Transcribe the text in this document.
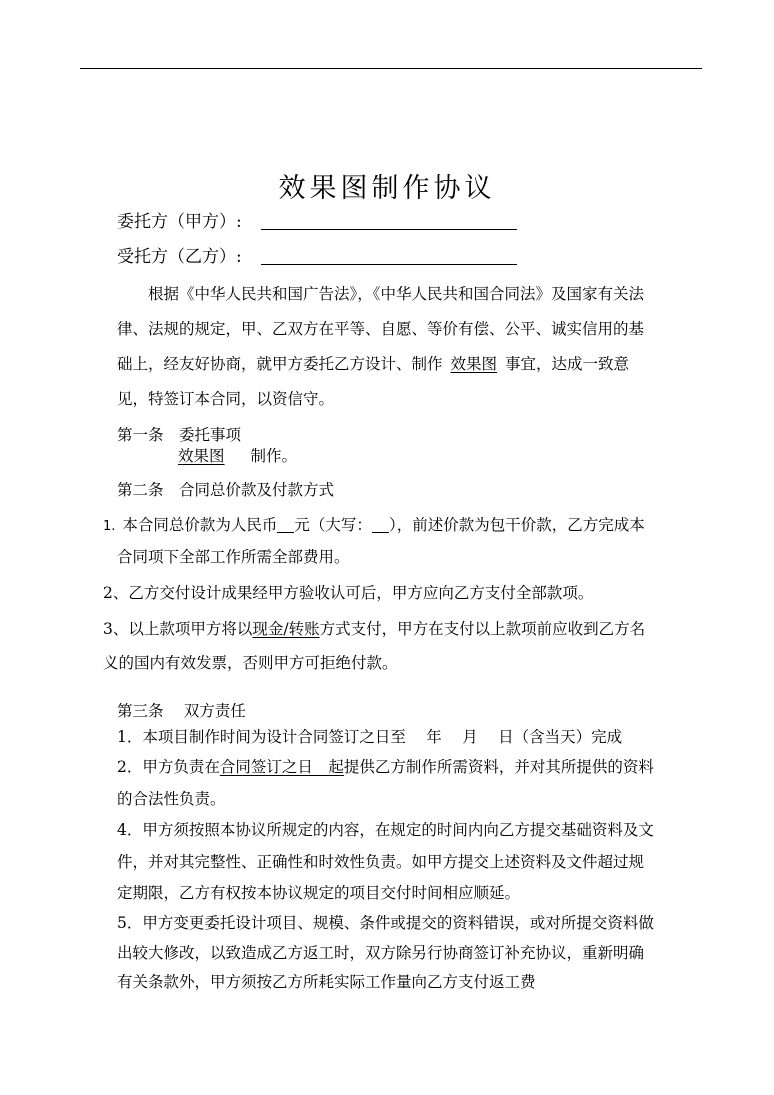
效果图制作协议
委托方（甲方）:
受托方（乙方）:
根据《中华人民共和国广告法》，《中华人民共和国合同法》及国家有关法
律、法规的规定，甲、乙双方在平等、自愿、等价有偿、公平、诚实信用的基
础上，经友好协商，就甲方委托乙方设计、制作 效果图 事宜，达成一致意
见，特签订本合同，以资信守。
第一条　委托事项
效果图 制作。
第二条　合同总价款及付款方式
1. 本合同总价款为人民币 元（大写： ），前述价款为包干价款，乙方完成本
合同项下全部工作所需全部费用。
2、乙方交付设计成果经甲方验收认可后，甲方应向乙方支付全部款项。
3、以上款项甲方将以现金/转账方式支付，甲方在支付以上款项前应收到乙方名
义的国内有效发票，否则甲方可拒绝付款。
第三条　 双方责任
1．本项目制作时间为设计合同签订之日至　 年　 月　 日（含当天）完成
2．甲方负责在合同签订之日　起提供乙方制作所需资料，并对其所提供的资料
的合法性负责。
4．甲方须按照本协议所规定的内容，在规定的时间内向乙方提交基础资料及文
件，并对其完整性、正确性和时效性负责。如甲方提交上述资料及文件超过规
定期限，乙方有权按本协议规定的项目交付时间相应顺延。
5．甲方变更委托设计项目、规模、条件或提交的资料错误，或对所提交资料做
出较大修改，以致造成乙方返工时，双方除另行协商签订补充协议，重新明确
有关条款外，甲方须按乙方所耗实际工作量向乙方支付返工费
